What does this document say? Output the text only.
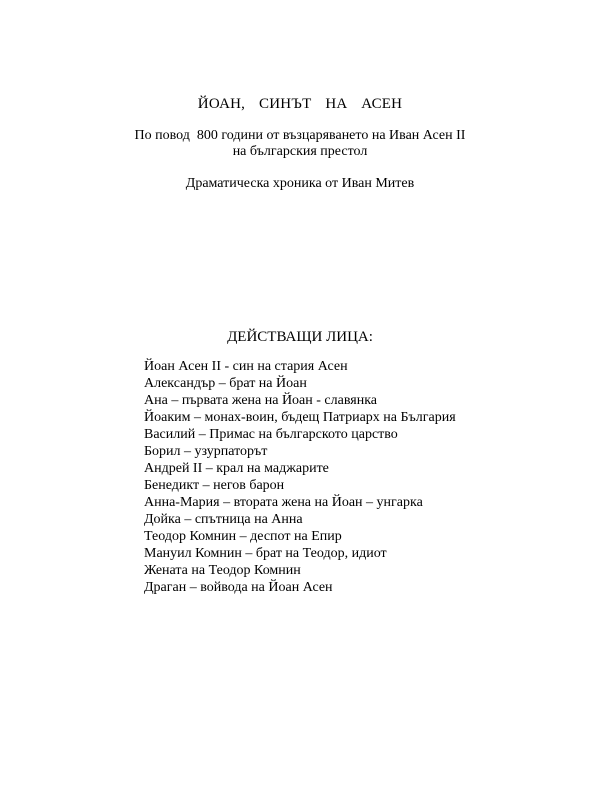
ЙОАН,  СИНЪТ  НА  АСЕН
По повод  800 години от възцаряването на Иван Асен II
на българския престол
Драматическа хроника от Иван Митев
ДЕЙСТВАЩИ ЛИЦА:
Йоан Асен II - син на стария Асен
Александър – брат на Йоан
Ана – първата жена на Йоан - славянка
Йоаким – монах-воин, бъдещ Патриарх на България
Василий – Примас на българското царство
Борил – узурпаторът
Андрей II – крал на маджарите
Бенедикт – негов барон
Анна-Мария – втората жена на Йоан – унгарка
Дойка – спътница на Анна
Теодор Комнин – деспот на Епир
Мануил Комнин – брат на Теодор, идиот
Жената на Теодор Комнин
Драган – войвода на Йоан Асен
